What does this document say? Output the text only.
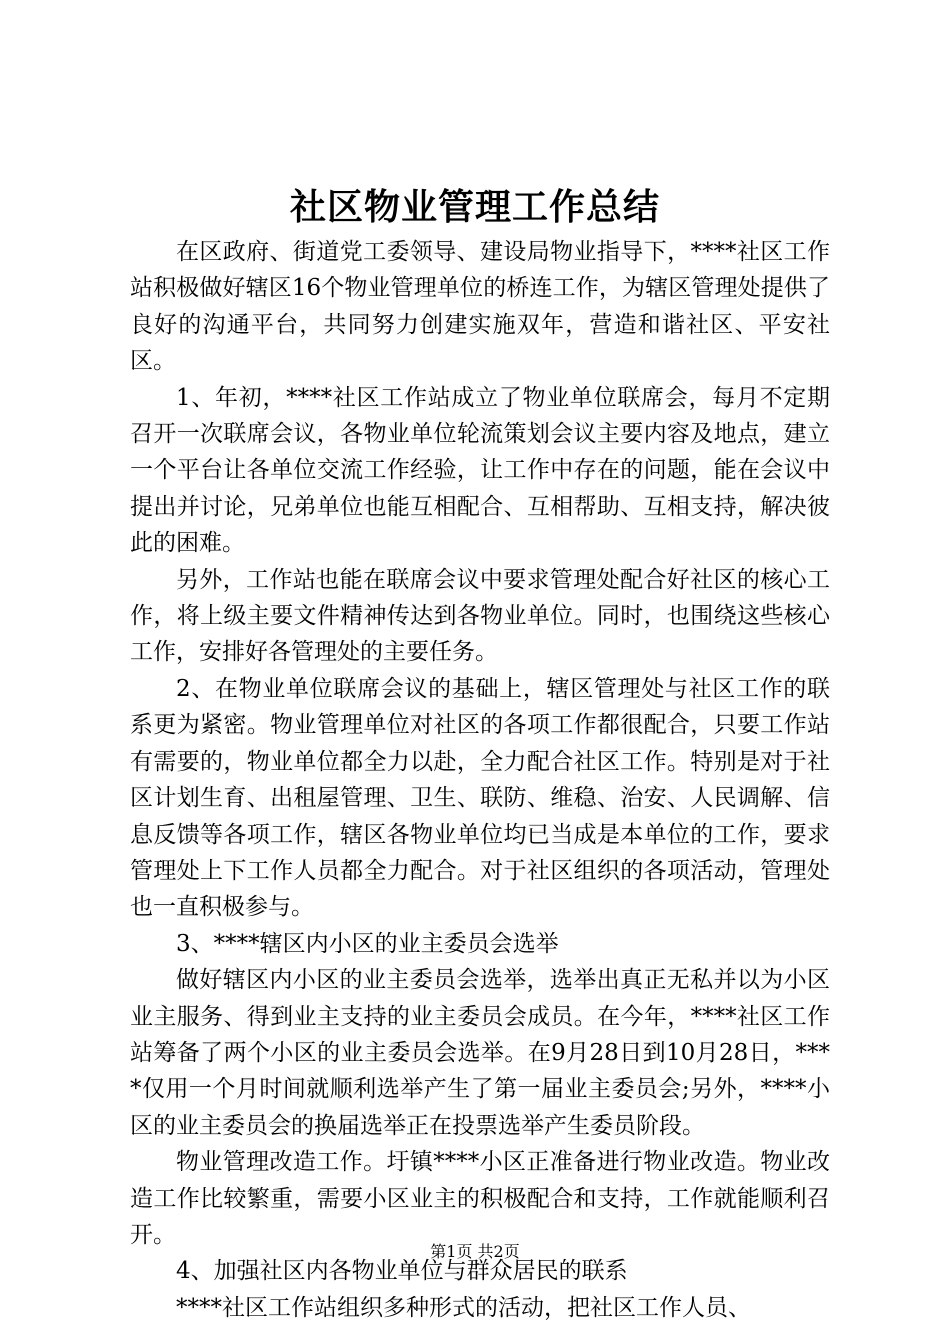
社区物业管理工作总结

在区政府、街道党工委领导、建设局物业指导下，****社区工作站积极做好辖区16个物业管理单位的桥连工作，为辖区管理处提供了良好的沟通平台，共同努力创建实施双年，营造和谐社区、平安社区。

1、年初，****社区工作站成立了物业单位联席会，每月不定期召开一次联席会议，各物业单位轮流策划会议主要内容及地点，建立一个平台让各单位交流工作经验，让工作中存在的问题，能在会议中提出并讨论，兄弟单位也能互相配合、互相帮助、互相支持，解决彼此的困难。

另外，工作站也能在联席会议中要求管理处配合好社区的核心工作，将上级主要文件精神传达到各物业单位。同时，也围绕这些核心工作，安排好各管理处的主要任务。

2、在物业单位联席会议的基础上，辖区管理处与社区工作的联系更为紧密。物业管理单位对社区的各项工作都很配合，只要工作站有需要的，物业单位都全力以赴，全力配合社区工作。特别是对于社区计划生育、出租屋管理、卫生、联防、维稳、治安、人民调解、信息反馈等各项工作，辖区各物业单位均已当成是本单位的工作，要求管理处上下工作人员都全力配合。对于社区组织的各项活动，管理处也一直积极参与。

3、****辖区内小区的业主委员会选举

做好辖区内小区的业主委员会选举，选举出真正无私并以为小区业主服务、得到业主支持的业主委员会成员。在今年，****社区工作站筹备了两个小区的业主委员会选举。在9月28日到10月28日，****仅用一个月时间就顺利选举产生了第一届业主委员会;另外，****小区的业主委员会的换届选举正在投票选举产生委员阶段。

物业管理改造工作。圩镇****小区正准备进行物业改造。物业改造工作比较繁重，需要小区业主的积极配合和支持，工作就能顺利召开。

4、加强社区内各物业单位与群众居民的联系

****社区工作站组织多种形式的活动，把社区工作人员、

第1页 共2页
